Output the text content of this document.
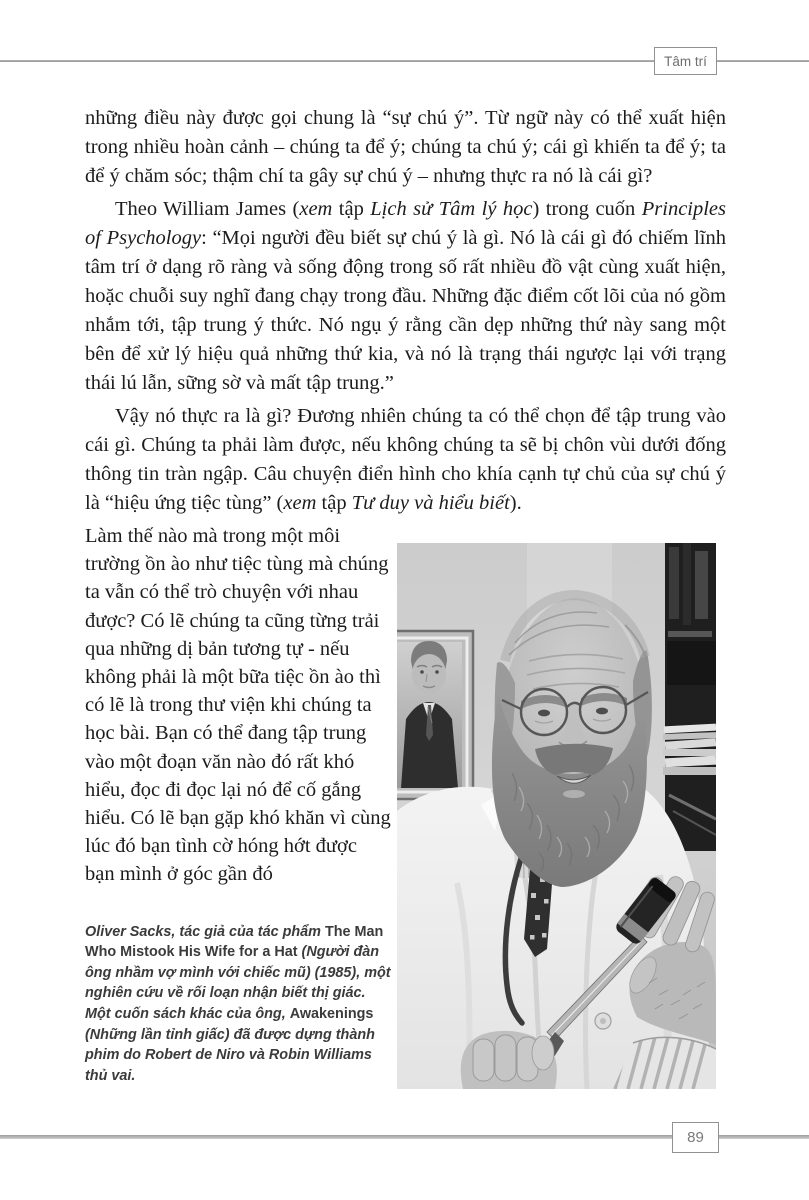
Tâm trí

những điều này được gọi chung là “sự chú ý”. Từ ngữ này có thể xuất hiện trong nhiều hoàn cảnh – chúng ta để ý; chúng ta chú ý; cái gì khiến ta để ý; ta để ý chăm sóc; thậm chí ta gây sự chú ý – nhưng thực ra nó là cái gì?

Theo William James (xem tập Lịch sử Tâm lý học) trong cuốn Principles of Psychology: “Mọi người đều biết sự chú ý là gì. Nó là cái gì đó chiếm lĩnh tâm trí ở dạng rõ ràng và sống động trong số rất nhiều đồ vật cùng xuất hiện, hoặc chuỗi suy nghĩ đang chạy trong đầu. Những đặc điểm cốt lõi của nó gồm nhắm tới, tập trung ý thức. Nó ngụ ý rằng cần dẹp những thứ này sang một bên để xử lý hiệu quả những thứ kia, và nó là trạng thái ngược lại với trạng thái lú lẫn, sững sờ và mất tập trung.”

Vậy nó thực ra là gì? Đương nhiên chúng ta có thể chọn để tập trung vào cái gì. Chúng ta phải làm được, nếu không chúng ta sẽ bị chôn vùi dưới đống thông tin tràn ngập. Câu chuyện điển hình cho khía cạnh tự chủ của sự chú ý là “hiệu ứng tiệc tùng” (xem tập Tư duy và hiểu biết).

Làm thế nào mà trong một môi trường ồn ào như tiệc tùng mà chúng ta vẫn có thể trò chuyện với nhau được? Có lẽ chúng ta cũng từng trải qua những dị bản tương tự - nếu không phải là một bữa tiệc ồn ào thì có lẽ là trong thư viện khi chúng ta học bài. Bạn có thể đang tập trung vào một đoạn văn nào đó rất khó hiểu, đọc đi đọc lại nó để cố gắng hiểu. Có lẽ bạn gặp khó khăn vì cùng lúc đó bạn tình cờ hóng hớt được bạn mình ở góc gần đó

Oliver Sacks, tác giả của tác phẩm The Man Who Mistook His Wife for a Hat (Người đàn ông nhầm vợ mình với chiếc mũ) (1985), một nghiên cứu về rối loạn nhận biết thị giác. Một cuốn sách khác của ông, Awakenings (Những lần tỉnh giấc) đã được dựng thành phim do Robert de Niro và Robin Williams thủ vai.

89
